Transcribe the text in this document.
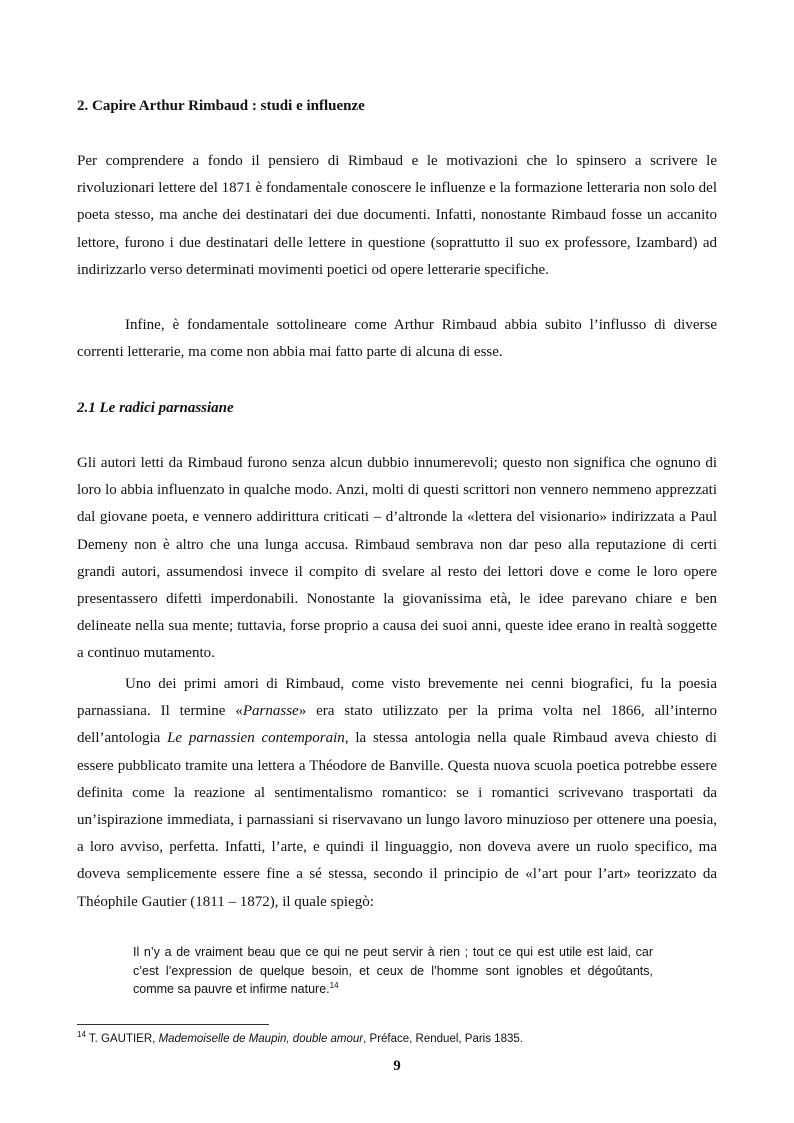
2. Capire Arthur Rimbaud : studi e influenze

Per comprendere a fondo il pensiero di Rimbaud e le motivazioni che lo spinsero a scrivere le rivoluzionari lettere del 1871 è fondamentale conoscere le influenze e la formazione letteraria non solo del poeta stesso, ma anche dei destinatari dei due documenti. Infatti, nonostante Rimbaud fosse un accanito lettore, furono i due destinatari delle lettere in questione (soprattutto il suo ex professore, Izambard) ad indirizzarlo verso determinati movimenti poetici od opere letterarie specifiche.

Infine, è fondamentale sottolineare come Arthur Rimbaud abbia subito l’influsso di diverse correnti letterarie, ma come non abbia mai fatto parte di alcuna di esse.

2.1 Le radici parnassiane

Gli autori letti da Rimbaud furono senza alcun dubbio innumerevoli; questo non significa che ognuno di loro lo abbia influenzato in qualche modo. Anzi, molti di questi scrittori non vennero nemmeno apprezzati dal giovane poeta, e vennero addirittura criticati – d’altronde la «lettera del visionario» indirizzata a Paul Demeny non è altro che una lunga accusa. Rimbaud sembrava non dar peso alla reputazione di certi grandi autori, assumendosi invece il compito di svelare al resto dei lettori dove e come le loro opere presentassero difetti imperdonabili. Nonostante la giovanissima età, le idee parevano chiare e ben delineate nella sua mente; tuttavia, forse proprio a causa dei suoi anni, queste idee erano in realtà soggette a continuo mutamento.

Uno dei primi amori di Rimbaud, come visto brevemente nei cenni biografici, fu la poesia parnassiana. Il termine «Parnasse» era stato utilizzato per la prima volta nel 1866, all’interno dell’antologia Le parnassien contemporain, la stessa antologia nella quale Rimbaud aveva chiesto di essere pubblicato tramite una lettera a Théodore de Banville. Questa nuova scuola poetica potrebbe essere definita come la reazione al sentimentalismo romantico: se i romantici scrivevano trasportati da un’ispirazione immediata, i parnassiani si riservavano un lungo lavoro minuzioso per ottenere una poesia, a loro avviso, perfetta. Infatti, l’arte, e quindi il linguaggio, non doveva avere un ruolo specifico, ma doveva semplicemente essere fine a sé stessa, secondo il principio de «l’art pour l’art» teorizzato da Théophile Gautier (1811 – 1872), il quale spiegò:

Il n’y a de vraiment beau que ce qui ne peut servir à rien ; tout ce qui est utile est laid, car c’est l’expression de quelque besoin, et ceux de l’homme sont ignobles et dégoûtants, comme sa pauvre et infirme nature.$^{14}$

$^{14}$ T. GAUTIER, Mademoiselle de Maupin, double amour, Préface, Renduel, Paris 1835.

9
